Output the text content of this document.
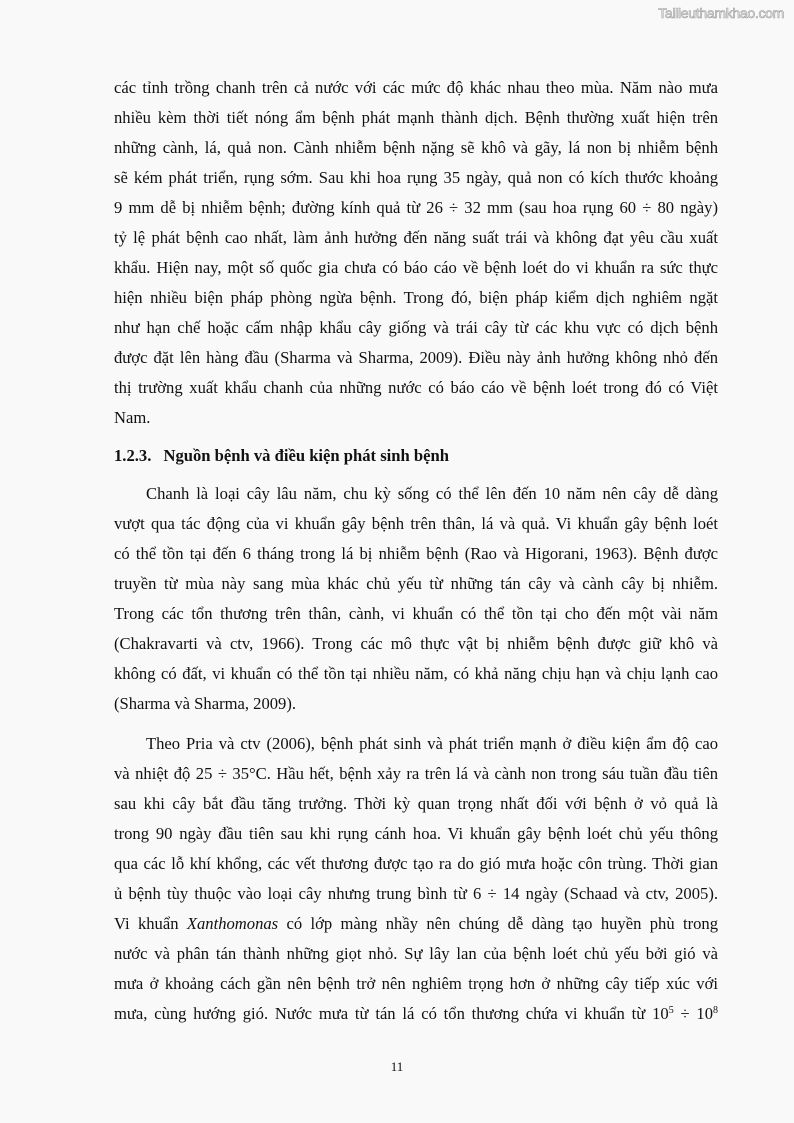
Tailieuthamkhao.com

các tỉnh trồng chanh trên cả nước với các mức độ khác nhau theo mùa. Năm nào mưa
nhiều kèm thời tiết nóng ẩm bệnh phát mạnh thành dịch. Bệnh thường xuất hiện trên
những cành, lá, quả non. Cành nhiễm bệnh nặng sẽ khô và gãy, lá non bị nhiễm bệnh
sẽ kém phát triển, rụng sớm. Sau khi hoa rụng 35 ngày, quả non có kích thước khoảng
9 mm dễ bị nhiễm bệnh; đường kính quả từ 26 ÷ 32 mm (sau hoa rụng 60 ÷ 80 ngày)
tỷ lệ phát bệnh cao nhất, làm ảnh hưởng đến năng suất trái và không đạt yêu cầu xuất
khẩu. Hiện nay, một số quốc gia chưa có báo cáo về bệnh loét do vi khuẩn ra sức thực
hiện nhiều biện pháp phòng ngừa bệnh. Trong đó, biện pháp kiểm dịch nghiêm ngặt
như hạn chế hoặc cấm nhập khẩu cây giống và trái cây từ các khu vực có dịch bệnh
được đặt lên hàng đầu (Sharma và Sharma, 2009). Điều này ảnh hưởng không nhỏ đến
thị trường xuất khẩu chanh của những nước có báo cáo về bệnh loét trong đó có Việt
Nam.

1.2.3. Nguồn bệnh và điều kiện phát sinh bệnh

Chanh là loại cây lâu năm, chu kỳ sống có thể lên đến 10 năm nên cây dễ dàng
vượt qua tác động của vi khuẩn gây bệnh trên thân, lá và quả. Vi khuẩn gây bệnh loét
có thể tồn tại đến 6 tháng trong lá bị nhiễm bệnh (Rao và Higorani, 1963). Bệnh được
truyền từ mùa này sang mùa khác chủ yếu từ những tán cây và cành cây bị nhiễm.
Trong các tổn thương trên thân, cành, vi khuẩn có thể tồn tại cho đến một vài năm
(Chakravarti và ctv, 1966). Trong các mô thực vật bị nhiễm bệnh được giữ khô và
không có đất, vi khuẩn có thể tồn tại nhiều năm, có khả năng chịu hạn và chịu lạnh cao
(Sharma và Sharma, 2009).

Theo Pria và ctv (2006), bệnh phát sinh và phát triển mạnh ở điều kiện ẩm độ cao
và nhiệt độ 25 ÷ 35°C. Hầu hết, bệnh xảy ra trên lá và cành non trong sáu tuần đầu tiên
sau khi cây bắt đầu tăng trưởng. Thời kỳ quan trọng nhất đối với bệnh ở vỏ quả là
trong 90 ngày đầu tiên sau khi rụng cánh hoa. Vi khuẩn gây bệnh loét chủ yếu thông
qua các lỗ khí khổng, các vết thương được tạo ra do gió mưa hoặc côn trùng. Thời gian
ủ bệnh tùy thuộc vào loại cây nhưng trung bình từ 6 ÷ 14 ngày (Schaad và ctv, 2005).
Vi khuẩn Xanthomonas có lớp màng nhầy nên chúng dễ dàng tạo huyền phù trong
nước và phân tán thành những giọt nhỏ. Sự lây lan của bệnh loét chủ yếu bởi gió và
mưa ở khoảng cách gần nên bệnh trở nên nghiêm trọng hơn ở những cây tiếp xúc với
mưa, cùng hướng gió. Nước mưa từ tán lá có tổn thương chứa vi khuẩn từ $10^5 \div 10^8$

11
